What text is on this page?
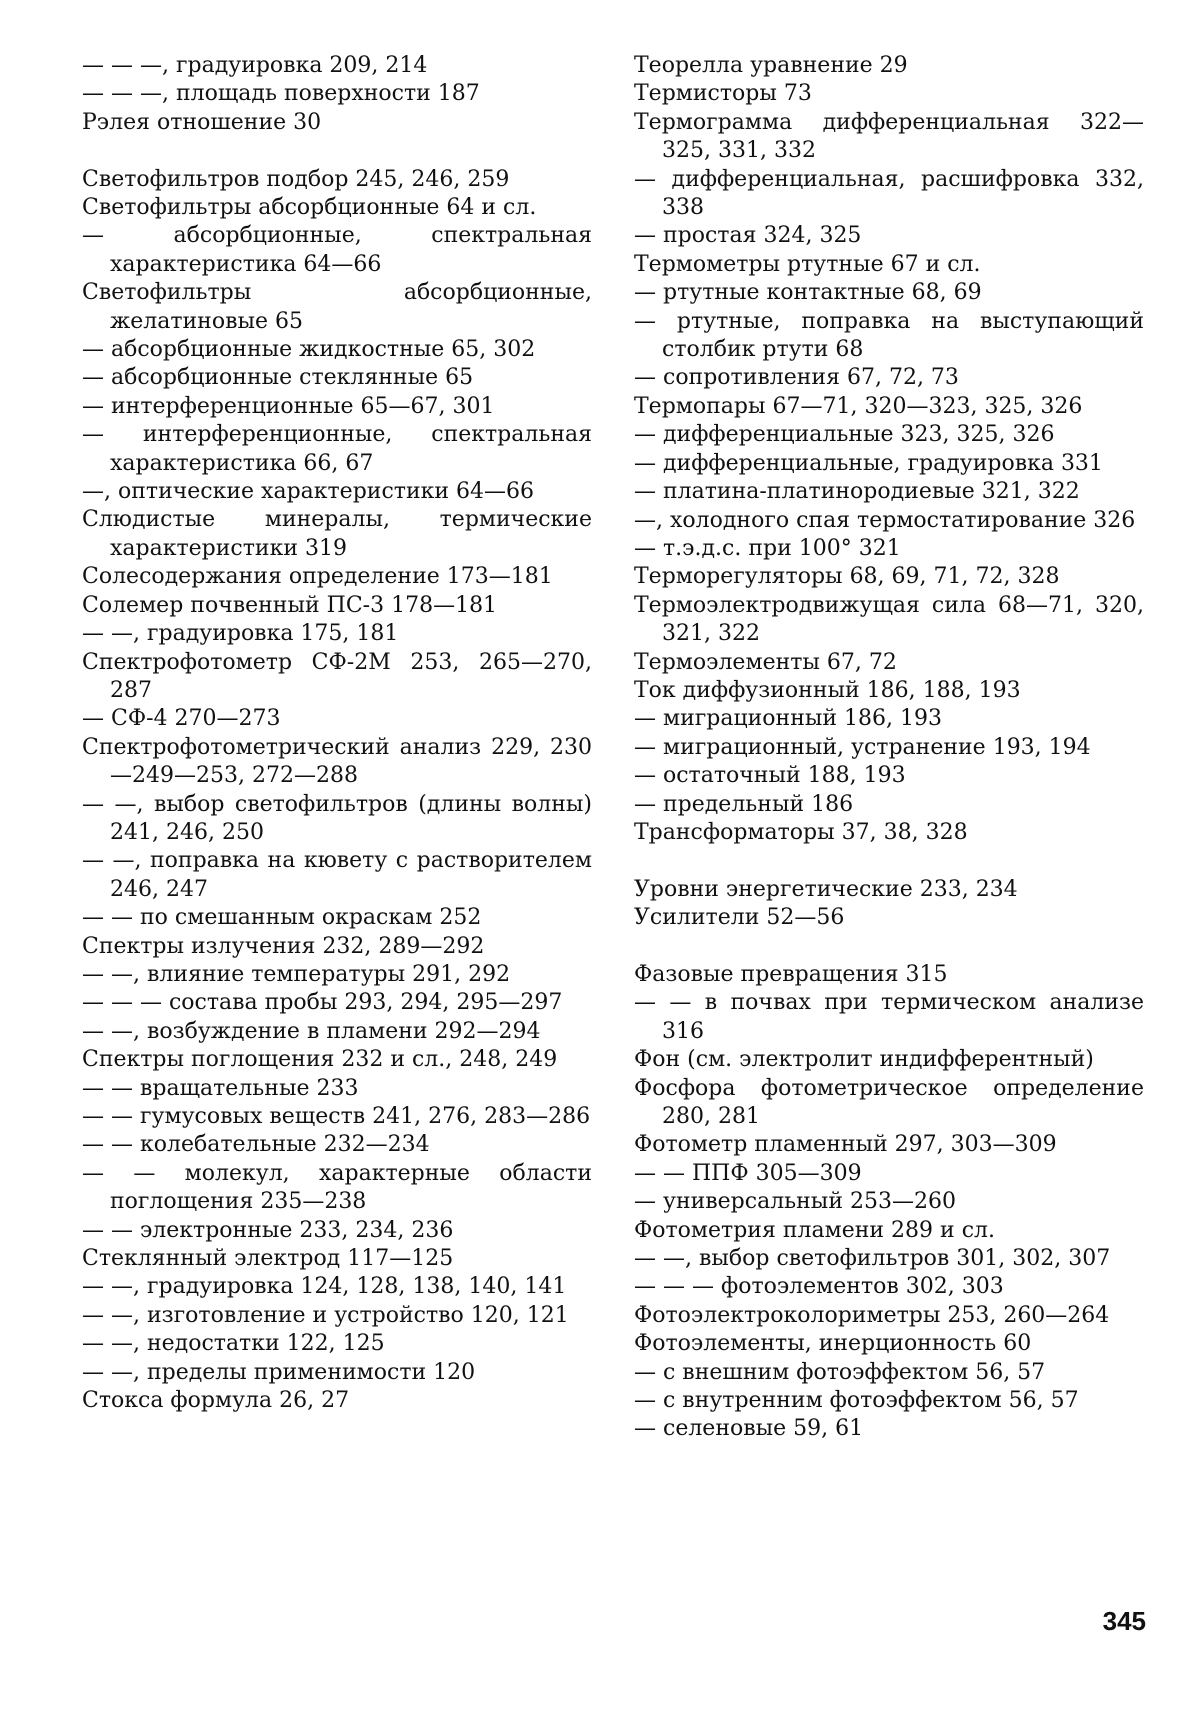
— — —, градуировка 209, 214

— — —, площадь поверхности 187

Рэлея отношение 30

Светофильтров подбор 245, 246, 259

Светофильтры абсорбционные 64 и сл.

— абсорбционные, спектральная характеристика 64—66

Светофильтры абсорбционные, желатиновые 65

— абсорбционные жидкостные 65, 302

— абсорбционные стеклянные 65

— интерференционные 65—67, 301

— интерференционные, спектральная характеристика 66, 67

—, оптические характеристики 64—66

Слюдистые минералы, термические характеристики 319

Солесодержания определение 173—181

Солемер почвенный ПС-3 178—181

— —, градуировка 175, 181

Спектрофотометр СФ-2М 253, 265—270, 287

— СФ-4 270—273

Спектрофотометрический анализ 229, 230—249—253, 272—288

— —, выбор светофильтров (длины волны) 241, 246, 250

— —, поправка на кювету с растворителем 246, 247

— — по смешанным окраскам 252

Спектры излучения 232, 289—292

— —, влияние температуры 291, 292

— — — состава пробы 293, 294, 295—297

— —, возбуждение в пламени 292—294

Спектры поглощения 232 и сл., 248, 249

— — вращательные 233

— — гумусовых веществ 241, 276, 283—286

— — колебательные 232—234

— — молекул, характерные области поглощения 235—238

— — электронные 233, 234, 236

Стеклянный электрод 117—125

— —, градуировка 124, 128, 138, 140, 141

— —, изготовление и устройство 120, 121

— —, недостатки 122, 125

— —, пределы применимости 120

Стокса формула 26, 27

Теорелла уравнение 29

Термисторы 73

Термограмма дифференциальная 322—325, 331, 332

— дифференциальная, расшифровка 332, 338

— простая 324, 325

Термометры ртутные 67 и сл.

— ртутные контактные 68, 69

— ртутные, поправка на выступающий столбик ртути 68

— сопротивления 67, 72, 73

Термопары 67—71, 320—323, 325, 326

— дифференциальные 323, 325, 326

— дифференциальные, градуировка 331

— платина-платинородиевые 321, 322

—, холодного спая термостатирование 326

— т.э.д.с. при 100° 321

Терморегуляторы 68, 69, 71, 72, 328

Термоэлектродвижущая сила 68—71, 320, 321, 322

Термоэлементы 67, 72

Ток диффузионный 186, 188, 193

— миграционный 186, 193

— миграционный, устранение 193, 194

— остаточный 188, 193

— предельный 186

Трансформаторы 37, 38, 328

Уровни энергетические 233, 234

Усилители 52—56

Фазовые превращения 315

— — в почвах при термическом анализе 316

Фон (см. электролит индифферентный)

Фосфора фотометрическое определение 280, 281

Фотометр пламенный 297, 303—309

— — ППФ 305—309

— универсальный 253—260

Фотометрия пламени 289 и сл.

— —, выбор светофильтров 301, 302, 307

— — — фотоэлементов 302, 303

Фотоэлектроколориметры 253, 260—264

Фотоэлементы, инерционность 60

— с внешним фотоэффектом 56, 57

— с внутренним фотоэффектом 56, 57

— селеновые 59, 61

345
